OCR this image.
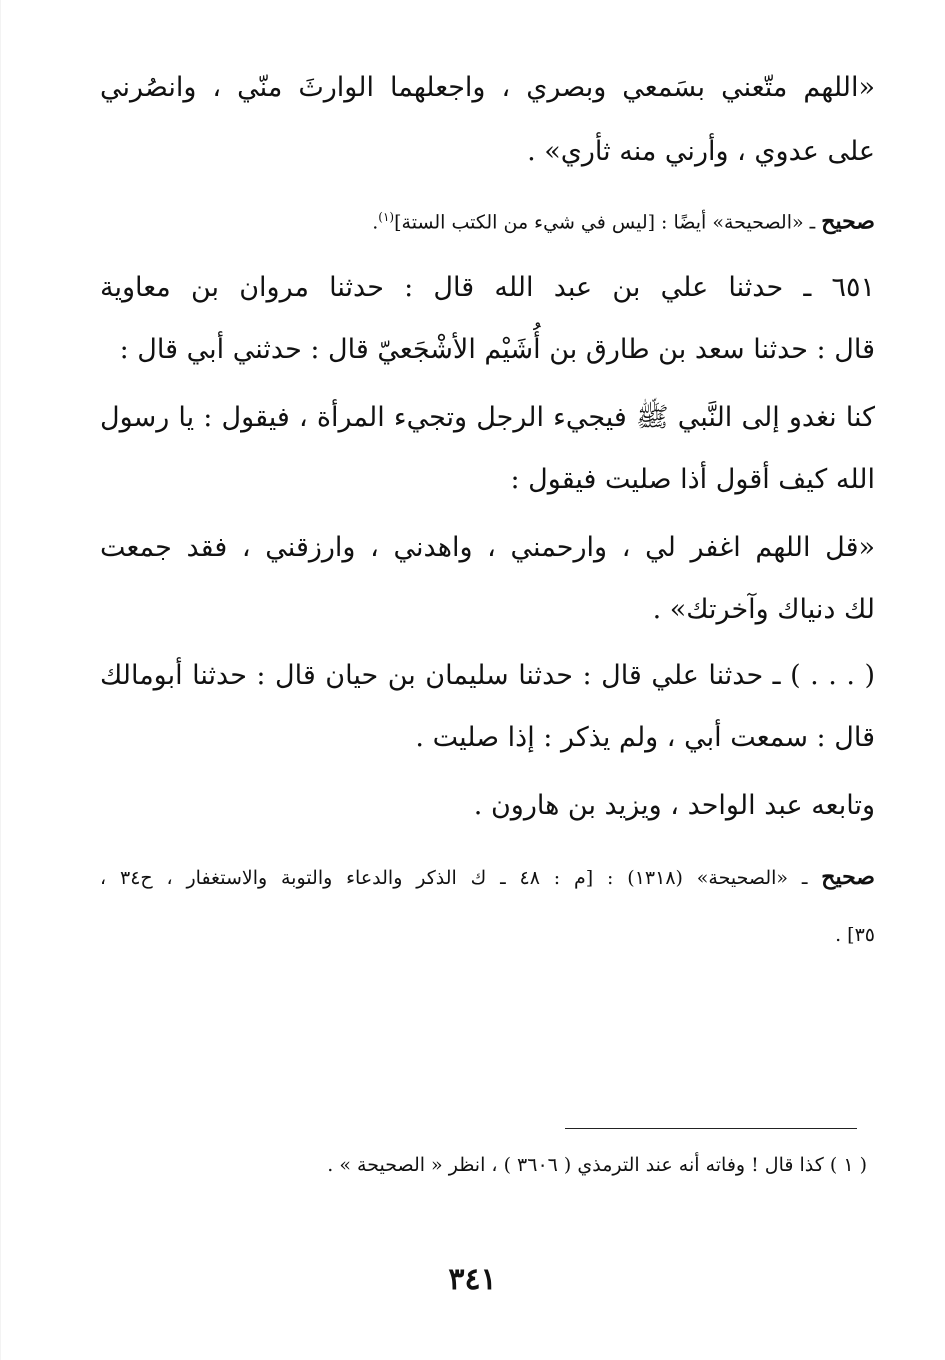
«اللهم متّعني بسَمعي وبصري ، واجعلهما الوارثَ منّي ، وانصُرني
على عدوي ، وأرني منه ثأري» .
صحيح ـ «الصحيحة» أيضًا : [ليس في شيء من الكتب الستة]$^{(١)}$.
٦٥١ ـ حدثنا علي بن عبد الله قال : حدثنا مروان بن معاوية
قال : حدثنا سعد بن طارق بن أُشَيْم الأشْجَعيّ قال : حدثني أبي قال :
كنا نغدو إلى النَّبي ﷺ فيجيء الرجل وتجيء المرأة ، فيقول : يا رسول
الله كيف أقول أذا صليت فيقول :
«قل اللهم اغفر لي ، وارحمني ، واهدني ، وارزقني ، فقد جمعت
لك دنياك وآخرتك» .
( . . . ) ـ حدثنا علي قال : حدثنا سليمان بن حيان قال : حدثنا أبومالك
قال : سمعت أبي ، ولم يذكر : إذا صليت .
وتابعه عبد الواحد ، ويزيد بن هارون .
صحيح ـ «الصحيحة» (١٣١٨) : [م : ٤٨ ـ ك الذكر والدعاء والتوبة والاستغفار ، ح٣٤ ،
٣٥] .
( ١ ) كذا قال ! وفاته أنه عند الترمذي ( ٣٦٠٦ ) ، انظر « الصحيحة » .
٣٤١
